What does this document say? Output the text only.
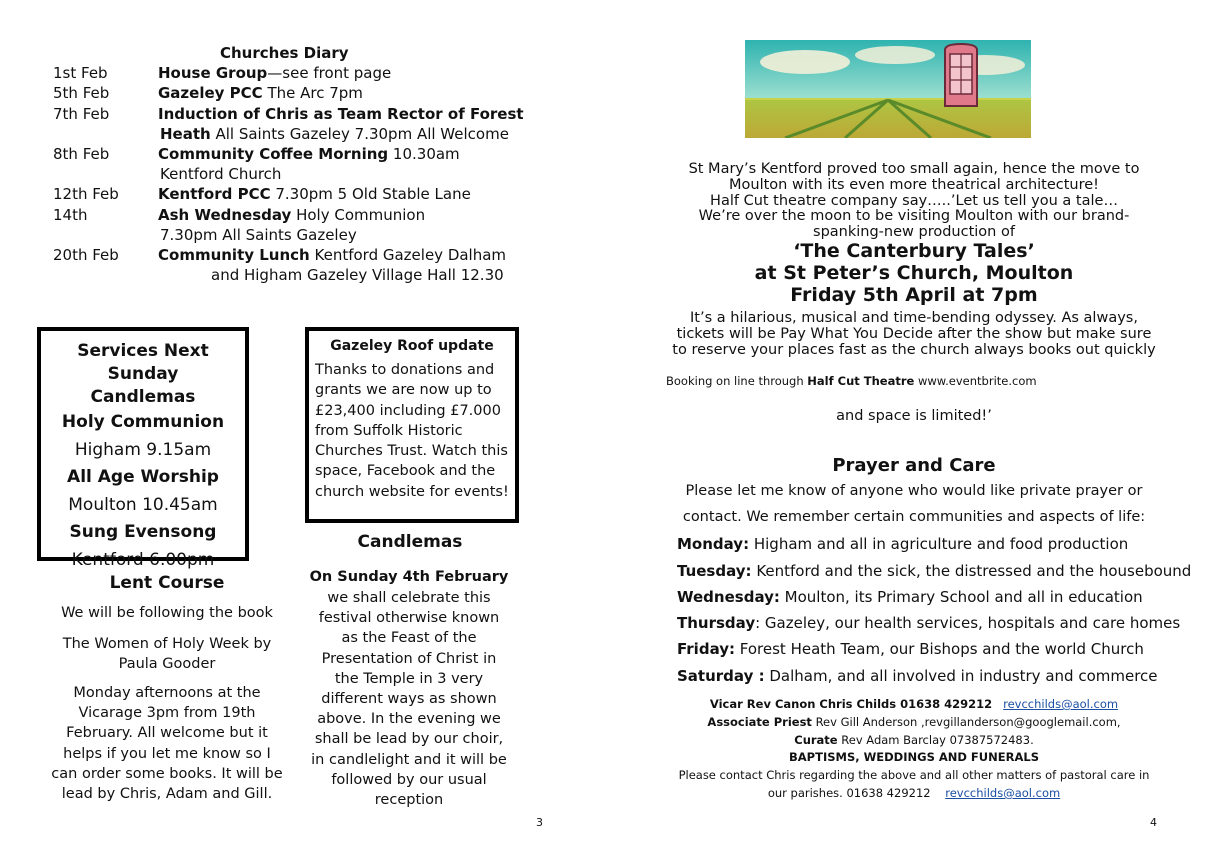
Churches Diary
1st Feb	House Group—see front page
5th Feb	Gazeley PCC The Arc 7pm
7th Feb	Induction of Chris as Team Rector of Forest
Heath All Saints Gazeley 7.30pm All Welcome
8th Feb	Community Coffee Morning 10.30am
Kentford Church
12th Feb	Kentford PCC 7.30pm 5 Old Stable Lane
14th	Ash Wednesday Holy Communion
7.30pm All Saints Gazeley
20th Feb	Community Lunch Kentford Gazeley Dalham
and Higham Gazeley Village Hall 12.30
Services Next Sunday
Candlemas
Holy Communion
Higham 9.15am
All Age Worship
Moulton 10.45am
Sung Evensong
Kentford 6.00pm
Gazeley Roof update
Thanks to donations and
grants we are now up to
£23,400 including £7.000
from Suffolk Historic
Churches Trust. Watch this
space, Facebook and the
church website for events!
Candlemas
On Sunday 4th February
we shall celebrate this
festival otherwise known
as the Feast of the
Presentation of Christ in
the Temple in 3 very
different ways as shown
above. In the evening we
shall be lead by our choir,
in candlelight and it will be
followed by our usual
reception
Lent Course
We will be following the book
The Women of Holy Week by
Paula Gooder
Monday afternoons at the
Vicarage 3pm from 19th
February. All welcome but it
helps if you let me know so I
can order some books. It will be
lead by Chris, Adam and Gill.
3
St Mary’s Kentford proved too small again, hence the move to
Moulton with its even more theatrical architecture!
Half Cut theatre company say…..’Let us tell you a tale…
We’re over the moon to be visiting Moulton with our brand-
spanking-new production of
‘The Canterbury Tales’
at St Peter’s Church, Moulton
Friday 5th April at 7pm
It’s a hilarious, musical and time-bending odyssey. As always,
tickets will be Pay What You Decide after the show but make sure
to reserve your places fast as the church always books out quickly
Booking on line through Half Cut Theatre www.eventbrite.com
and space is limited!’
Prayer and Care
Please let me know of anyone who would like private prayer or
contact. We remember certain communities and aspects of life:
Monday: Higham and all in agriculture and food production
Tuesday: Kentford and the sick, the distressed and the housebound
Wednesday: Moulton, its Primary School and all in education
Thursday: Gazeley, our health services, hospitals and care homes
Friday: Forest Heath Team, our Bishops and the world Church
Saturday : Dalham, and all involved in industry and commerce
Vicar Rev Canon Chris Childs 01638 429212 revcchilds@aol.com
Associate Priest Rev Gill Anderson ,revgillanderson@googlemail.com,
Curate Rev Adam Barclay 07387572483.
BAPTISMS, WEDDINGS AND FUNERALS
Please contact Chris regarding the above and all other matters of pastoral care in
our parishes. 01638 429212 revcchilds@aol.com
4
